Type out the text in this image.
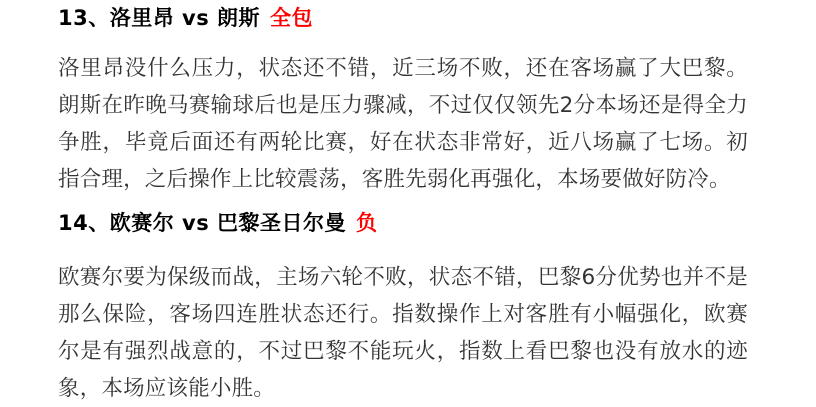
13、洛里昂 vs 朗斯 全包

洛里昂没什么压力，状态还不错，近三场不败，还在客场赢了大巴黎。朗斯在昨晚马赛输球后也是压力骤减，不过仅仅领先2分本场还是得全力争胜，毕竟后面还有两轮比赛，好在状态非常好，近八场赢了七场。初指合理，之后操作上比较震荡，客胜先弱化再强化，本场要做好防冷。

14、欧赛尔 vs 巴黎圣日尔曼 负

欧赛尔要为保级而战，主场六轮不败，状态不错，巴黎6分优势也并不是那么保险，客场四连胜状态还行。指数操作上对客胜有小幅强化，欧赛尔是有强烈战意的，不过巴黎不能玩火，指数上看巴黎也没有放水的迹象，本场应该能小胜。
